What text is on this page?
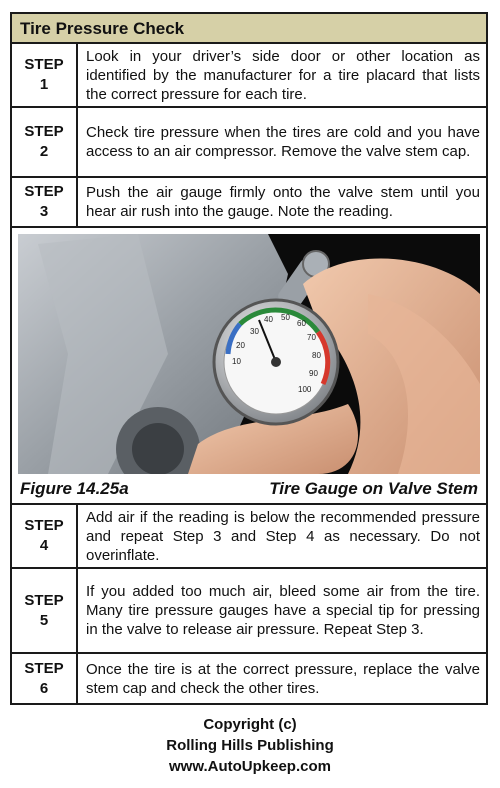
Tire Pressure Check
STEP
1
Look in your driver’s side door or other location as identified by the manufacturer for a tire placard that lists the correct pressure for each tire.
STEP
2
Check tire pressure when the tires are cold and you have access to an air compressor. Remove the valve stem cap.
STEP
3
Push the air gauge firmly onto the valve stem until you hear air rush into the gauge. Note the reading.
30
40 50
60
70
80
90
100
20
10
Figure 14.25a	Tire Gauge on Valve Stem
STEP
4
Add air if the reading is below the recommended pressure and repeat Step 3 and Step 4 as necessary. Do not overinflate.
STEP
5
If you added too much air, bleed some air from the tire. Many tire pressure gauges have a special tip for pressing in the valve to release air pressure. Repeat Step 3.
STEP
6
Once the tire is at the correct pressure, replace the valve stem cap and check the other tires.
Copyright (c)
Rolling Hills Publishing
www.AutoUpkeep.com
